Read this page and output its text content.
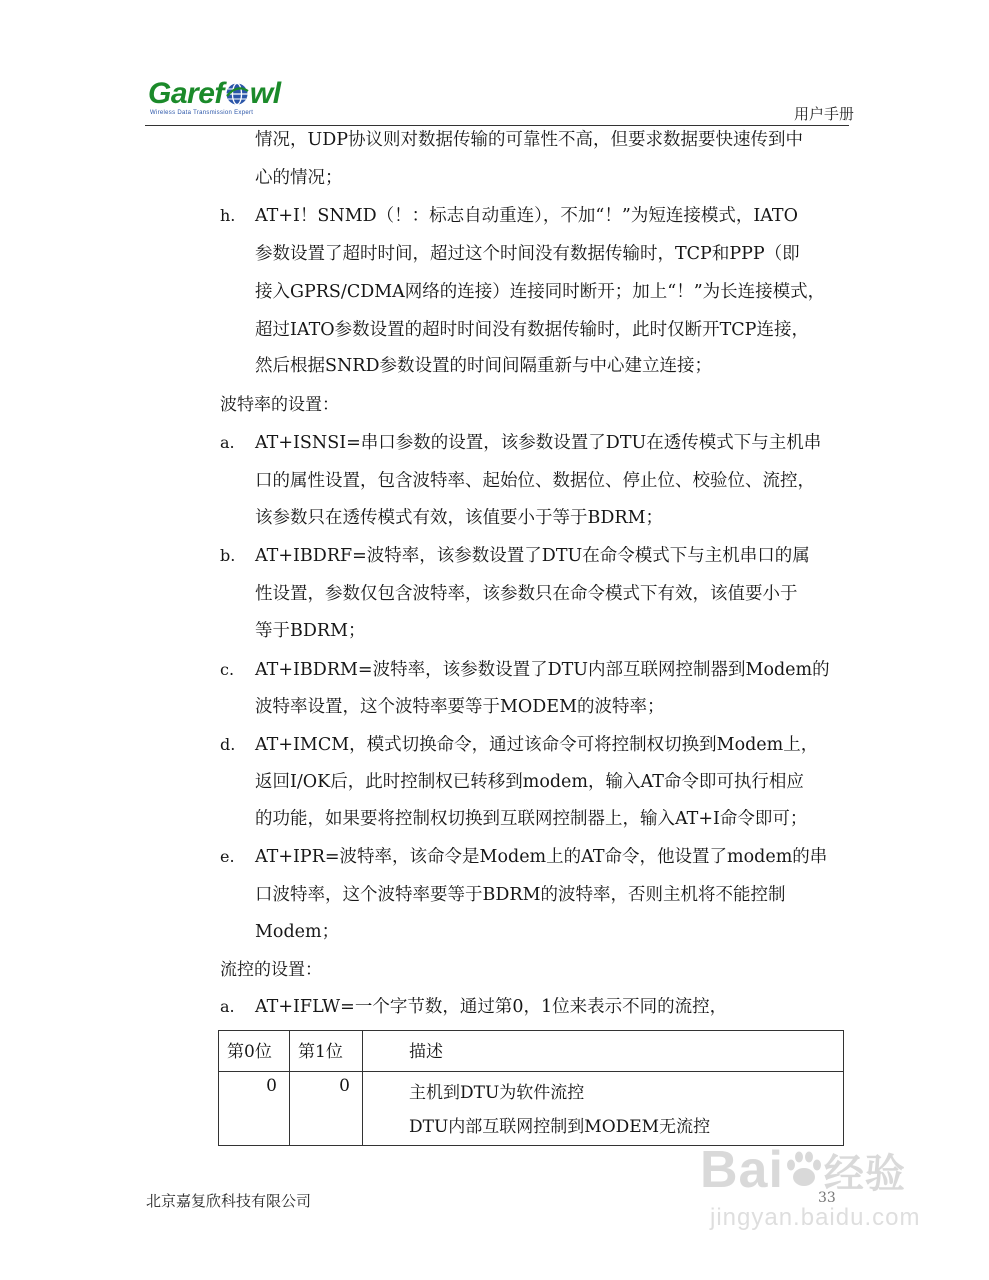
Garef wl
Wireless Data Transmission Expert	用户手册
情况，UDP协议则对数据传输的可靠性不高，但要求数据要快速传到中
心的情况；
h. AT+I！SNMD（！：标志自动重连），不加“！”为短连接模式，IATO
参数设置了超时时间，超过这个时间没有数据传输时，TCP和PPP（即
接入GPRS/CDMA网络的连接）连接同时断开；加上“！”为长连接模式，
超过IATO参数设置的超时时间没有数据传输时，此时仅断开TCP连接，
然后根据SNRD参数设置的时间间隔重新与中心建立连接；
波特率的设置：
a. AT+ISNSI=串口参数的设置，该参数设置了DTU在透传模式下与主机串
口的属性设置，包含波特率、起始位、数据位、停止位、校验位、流控，
该参数只在透传模式有效，该值要小于等于BDRM；
b. AT+IBDRF=波特率，该参数设置了DTU在命令模式下与主机串口的属
性设置，参数仅包含波特率，该参数只在命令模式下有效，该值要小于
等于BDRM；
c. AT+IBDRM=波特率，该参数设置了DTU内部互联网控制器到Modem的
波特率设置，这个波特率要等于MODEM的波特率；
d. AT+IMCM，模式切换命令，通过该命令可将控制权切换到Modem上，
返回I/OK后，此时控制权已转移到modem，输入AT命令即可执行相应
的功能，如果要将控制权切换到互联网控制器上，输入AT+I命令即可；
e. AT+IPR=波特率，该命令是Modem上的AT命令，他设置了modem的串
口波特率，这个波特率要等于BDRM的波特率，否则主机将不能控制
Modem；
流控的设置：
a. AT+IFLW=一个字节数，通过第0，1位来表示不同的流控，
第0位	第1位	描述

0	0	主机到DTU为软件流控
DTU内部互联网控制到MODEM无流控
北京嘉复欣科技有限公司	33
Bai 经验
jingyan.baidu.com
